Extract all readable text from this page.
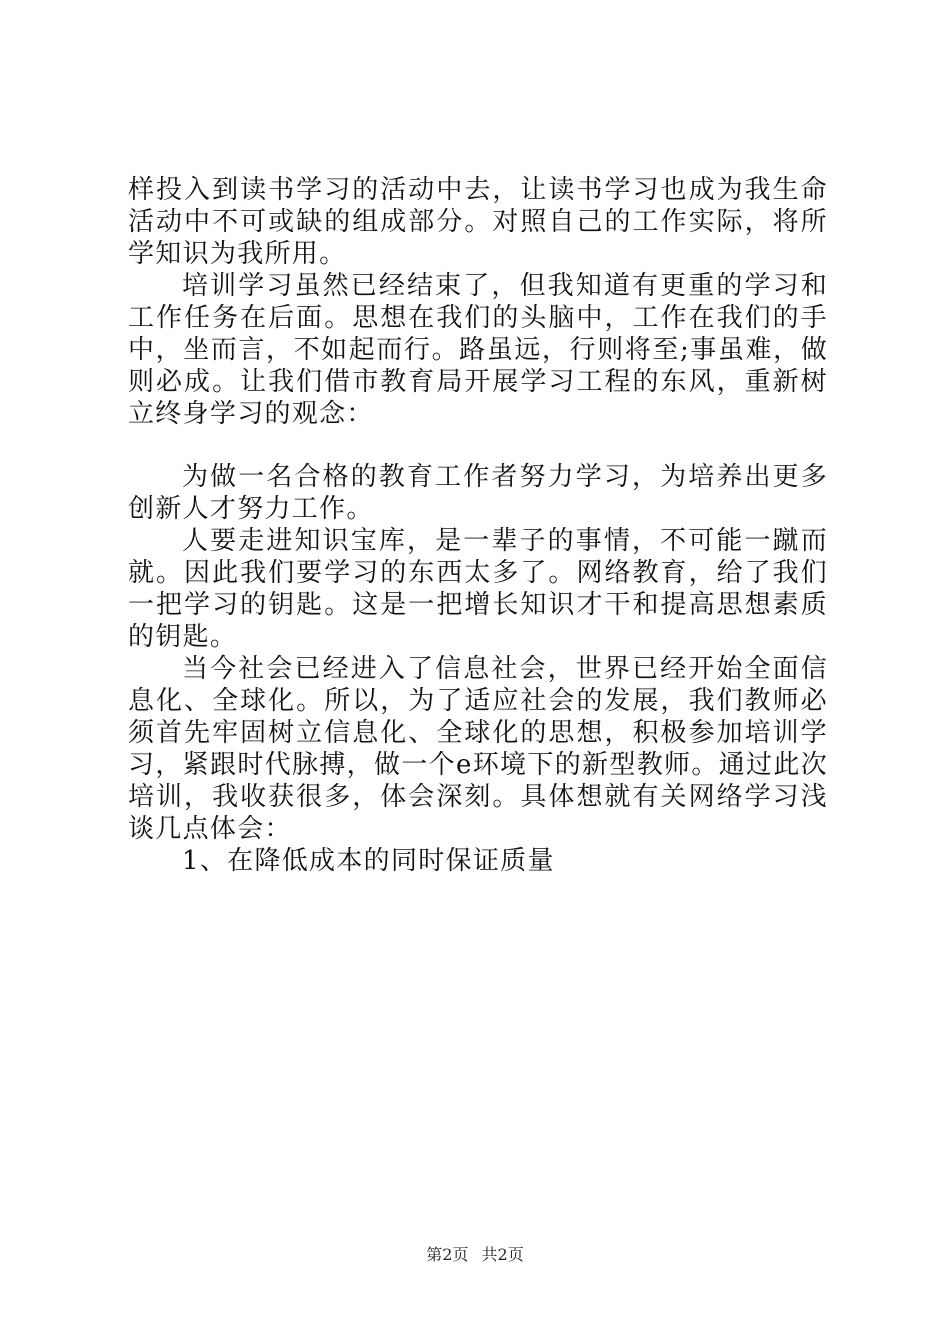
样投入到读书学习的活动中去，让读书学习也成为我生命活动中不可或缺的组成部分。对照自己的工作实际，将所学知识为我所用。

培训学习虽然已经结束了，但我知道有更重的学习和工作任务在后面。思想在我们的头脑中，工作在我们的手中，坐而言，不如起而行。路虽远，行则将至;事虽难，做则必成。让我们借市教育局开展学习工程的东风，重新树立终身学习的观念：

为做一名合格的教育工作者努力学习，为培养出更多创新人才努力工作。

人要走进知识宝库，是一辈子的事情，不可能一蹴而就。因此我们要学习的东西太多了。网络教育，给了我们一把学习的钥匙。这是一把增长知识才干和提高思想素质的钥匙。

当今社会已经进入了信息社会，世界已经开始全面信息化、全球化。所以，为了适应社会的发展，我们教师必须首先牢固树立信息化、全球化的思想，积极参加培训学习，紧跟时代脉搏，做一个e环境下的新型教师。通过此次培训，我收获很多，体会深刻。具体想就有关网络学习浅谈几点体会：

1、在降低成本的同时保证质量

第2页 共2页
